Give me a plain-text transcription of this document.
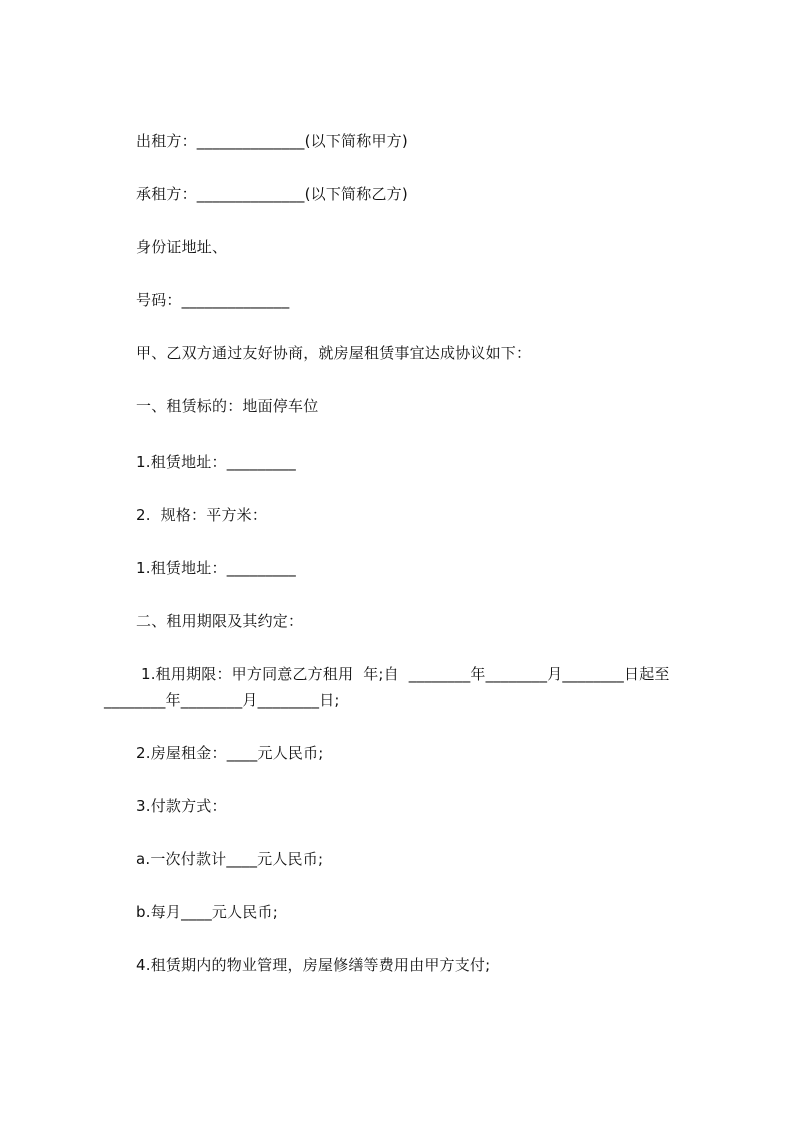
出租方：______________(以下简称甲方)
承租方：______________(以下简称乙方)
身份证地址、
号码：______________
甲、乙双方通过友好协商，就房屋租赁事宜达成协议如下：
一、租赁标的：地面停车位
1.租赁地址：_________
2.  规格：平方米：
1.租赁地址：_________
二、租用期限及其约定：
1.租用期限：甲方同意乙方租用  年;自  ________年________月________日起至
________年________月________日;
2.房屋租金：____元人民币;
3.付款方式：
a.一次付款计____元人民币;
b.每月____元人民币;
4.租赁期内的物业管理，房屋修缮等费用由甲方支付;
